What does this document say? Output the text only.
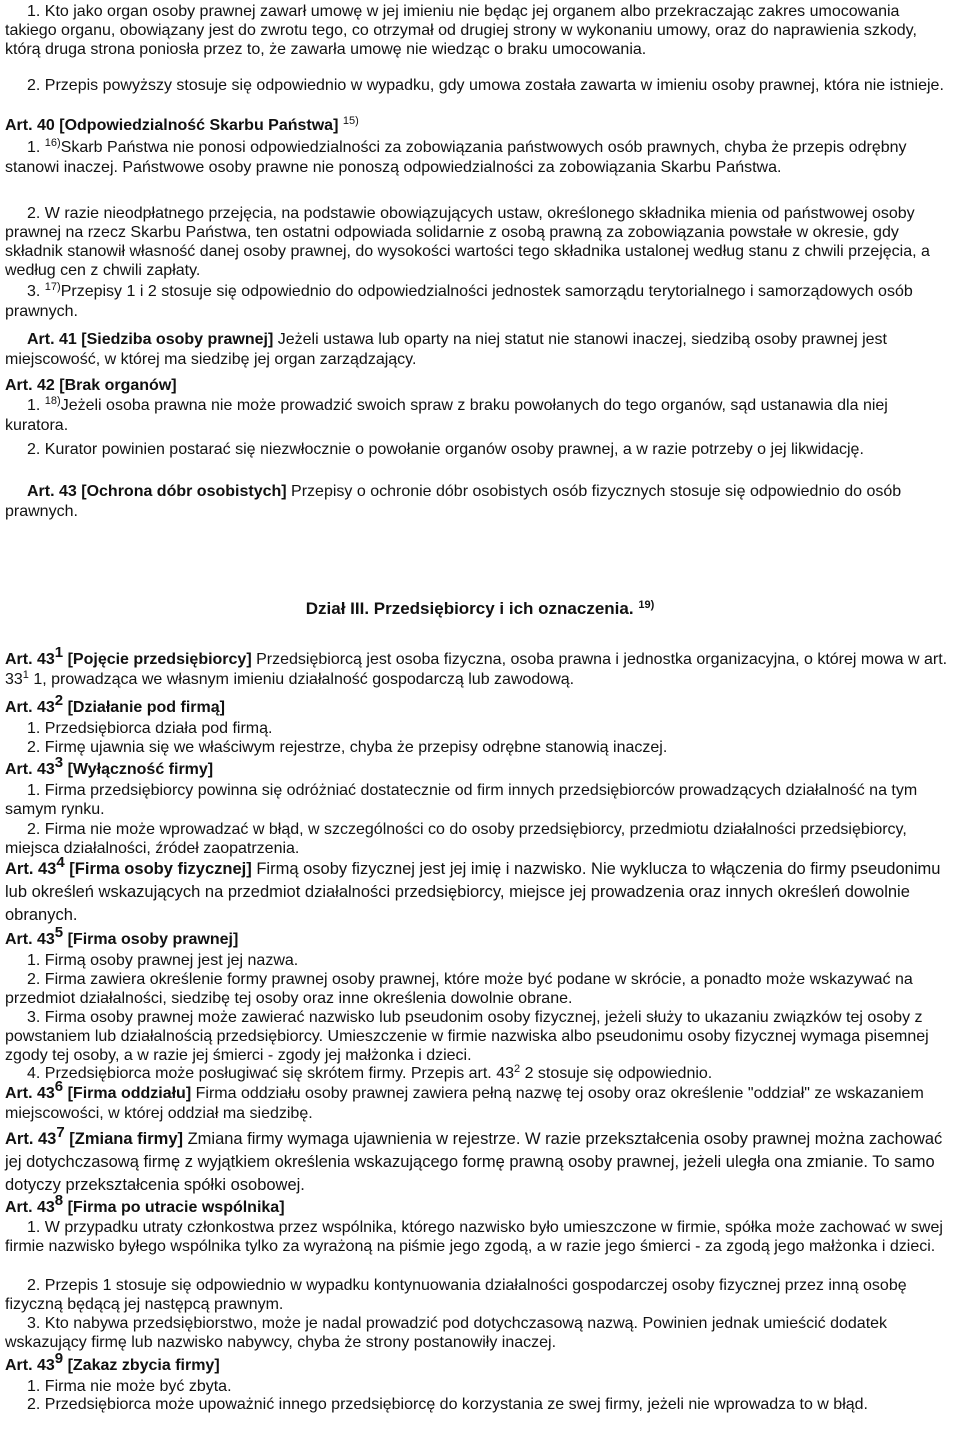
1. Kto jako organ osoby prawnej zawarł umowę w jej imieniu nie będąc jej organem albo przekraczając zakres umocowania takiego organu, obowiązany jest do zwrotu tego, co otrzymał od drugiej strony w wykonaniu umowy, oraz do naprawienia szkody, którą druga strona poniosła przez to, że zawarła umowę nie wiedząc o braku umocowania.

2. Przepis powyższy stosuje się odpowiednio w wypadku, gdy umowa została zawarta w imieniu osoby prawnej, która nie istnieje.

Art. 40 [Odpowiedzialność Skarbu Państwa] $^{15)}$

1. $^{16)}$Skarb Państwa nie ponosi odpowiedzialności za zobowiązania państwowych osób prawnych, chyba że przepis odrębny stanowi inaczej. Państwowe osoby prawne nie ponoszą odpowiedzialności za zobowiązania Skarbu Państwa.

2. W razie nieodpłatnego przejęcia, na podstawie obowiązujących ustaw, określonego składnika mienia od państwowej osoby prawnej na rzecz Skarbu Państwa, ten ostatni odpowiada solidarnie z osobą prawną za zobowiązania powstałe w okresie, gdy składnik stanowił własność danej osoby prawnej, do wysokości wartości tego składnika ustalonej według stanu z chwili przejęcia, a według cen z chwili zapłaty.

3. $^{17)}$Przepisy 1 i 2 stosuje się odpowiednio do odpowiedzialności jednostek samorządu terytorialnego i samorządowych osób prawnych.

Art. 41 [Siedziba osoby prawnej] Jeżeli ustawa lub oparty na niej statut nie stanowi inaczej, siedzibą osoby prawnej jest miejscowość, w której ma siedzibę jej organ zarządzający.

Art. 42 [Brak organów]

1. $^{18)}$Jeżeli osoba prawna nie może prowadzić swoich spraw z braku powołanych do tego organów, sąd ustanawia dla niej kuratora.

2. Kurator powinien postarać się niezwłocznie o powołanie organów osoby prawnej, a w razie potrzeby o jej likwidację.

Art. 43 [Ochrona dóbr osobistych] Przepisy o ochronie dóbr osobistych osób fizycznych stosuje się odpowiednio do osób prawnych.

Dział III. Przedsiębiorcy i ich oznaczenia. $^{19)}$

Art. 431 [Pojęcie przedsiębiorcy] Przedsiębiorcą jest osoba fizyczna, osoba prawna i jednostka organizacyjna, o której mowa w art. $33^1$ 1, prowadząca we własnym imieniu działalność gospodarczą lub zawodową.

Art. 432 [Działanie pod firmą]

1. Przedsiębiorca działa pod firmą.

2. Firmę ujawnia się we właściwym rejestrze, chyba że przepisy odrębne stanowią inaczej.

Art. 433 [Wyłączność firmy]

1. Firma przedsiębiorcy powinna się odróżniać dostatecznie od firm innych przedsiębiorców prowadzących działalność na tym samym rynku.

2. Firma nie może wprowadzać w błąd, w szczególności co do osoby przedsiębiorcy, przedmiotu działalności przedsiębiorcy, miejsca działalności, źródeł zaopatrzenia.

Art. 434 [Firma osoby fizycznej] Firmą osoby fizycznej jest jej imię i nazwisko. Nie wyklucza to włączenia do firmy pseudonimu lub określeń wskazujących na przedmiot działalności przedsiębiorcy, miejsce jej prowadzenia oraz innych określeń dowolnie obranych.

Art. 435 [Firma osoby prawnej]

1. Firmą osoby prawnej jest jej nazwa.

2. Firma zawiera określenie formy prawnej osoby prawnej, które może być podane w skrócie, a ponadto może wskazywać na przedmiot działalności, siedzibę tej osoby oraz inne określenia dowolnie obrane.

3. Firma osoby prawnej może zawierać nazwisko lub pseudonim osoby fizycznej, jeżeli służy to ukazaniu związków tej osoby z powstaniem lub działalnością przedsiębiorcy. Umieszczenie w firmie nazwiska albo pseudonimu osoby fizycznej wymaga pisemnej zgody tej osoby, a w razie jej śmierci - zgody jej małżonka i dzieci.

4. Przedsiębiorca może posługiwać się skrótem firmy. Przepis art. $43^2$ 2 stosuje się odpowiednio.

Art. 436 [Firma oddziału] Firma oddziału osoby prawnej zawiera pełną nazwę tej osoby oraz określenie "oddział" ze wskazaniem miejscowości, w której oddział ma siedzibę.

Art. 437 [Zmiana firmy] Zmiana firmy wymaga ujawnienia w rejestrze. W razie przekształcenia osoby prawnej można zachować jej dotychczasową firmę z wyjątkiem określenia wskazującego formę prawną osoby prawnej, jeżeli uległa ona zmianie. To samo dotyczy przekształcenia spółki osobowej.

Art. 438 [Firma po utracie wspólnika]

1. W przypadku utraty członkostwa przez wspólnika, którego nazwisko było umieszczone w firmie, spółka może zachować w swej firmie nazwisko byłego wspólnika tylko za wyrażoną na piśmie jego zgodą, a w razie jego śmierci - za zgodą jego małżonka i dzieci.

2. Przepis 1 stosuje się odpowiednio w wypadku kontynuowania działalności gospodarczej osoby fizycznej przez inną osobę fizyczną będącą jej następcą prawnym.

3. Kto nabywa przedsiębiorstwo, może je nadal prowadzić pod dotychczasową nazwą. Powinien jednak umieścić dodatek wskazujący firmę lub nazwisko nabywcy, chyba że strony postanowiły inaczej.

Art. 439 [Zakaz zbycia firmy]

1. Firma nie może być zbyta.

2. Przedsiębiorca może upoważnić innego przedsiębiorcę do korzystania ze swej firmy, jeżeli nie wprowadza to w błąd.
